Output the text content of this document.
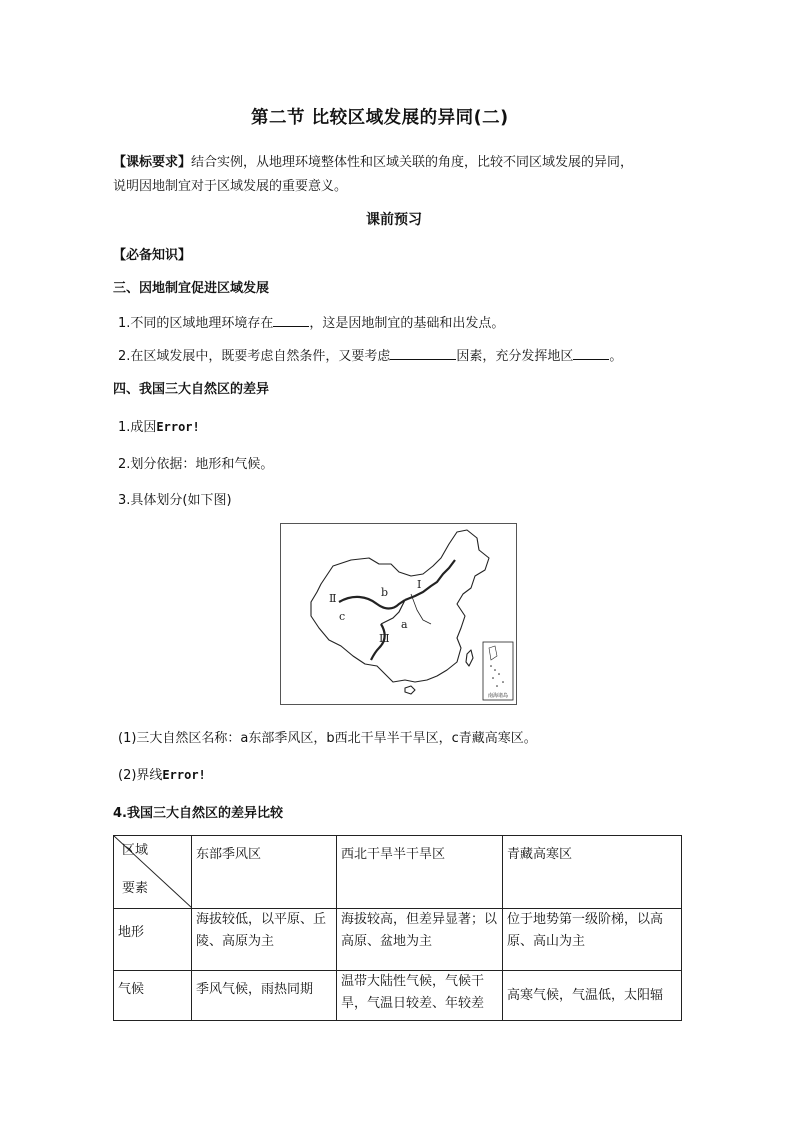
第二节 比较区域发展的异同(二)
【课标要求】结合实例，从地理环境整体性和区域关联的角度，比较不同区域发展的异同，
说明因地制宜对于区域发展的重要意义。
课前预习
【必备知识】
三、因地制宜促进区域发展
1.不同的区域地理环境存在	，这是因地制宜的基础和出发点。
2.在区域发展中，既要考虑自然条件，又要考虑	因素，充分发挥地区	。
四、我国三大自然区的差异
1.成因Error!
2.划分依据：地形和气候。
3.具体划分(如下图)
南海诸岛
Ⅰ
Ⅱ
Ⅲ
b
c
a
(1)三大自然区名称：a东部季风区，b西北干旱半干旱区，c青藏高寒区。
(2)界线Error!
4.我国三大自然区的差异比较
区域
要素	东部季风区	西北干旱半干旱区	青藏高寒区
地形	海拔较低，以平原、丘陵、高原为主	海拔较高，但差异显著；以高原、盆地为主	位于地势第一级阶梯，以高原、高山为主
气候	季风气候，雨热同期	温带大陆性气候，气候干旱，气温日较差、年较差	高寒气候，气温低，太阳辐
